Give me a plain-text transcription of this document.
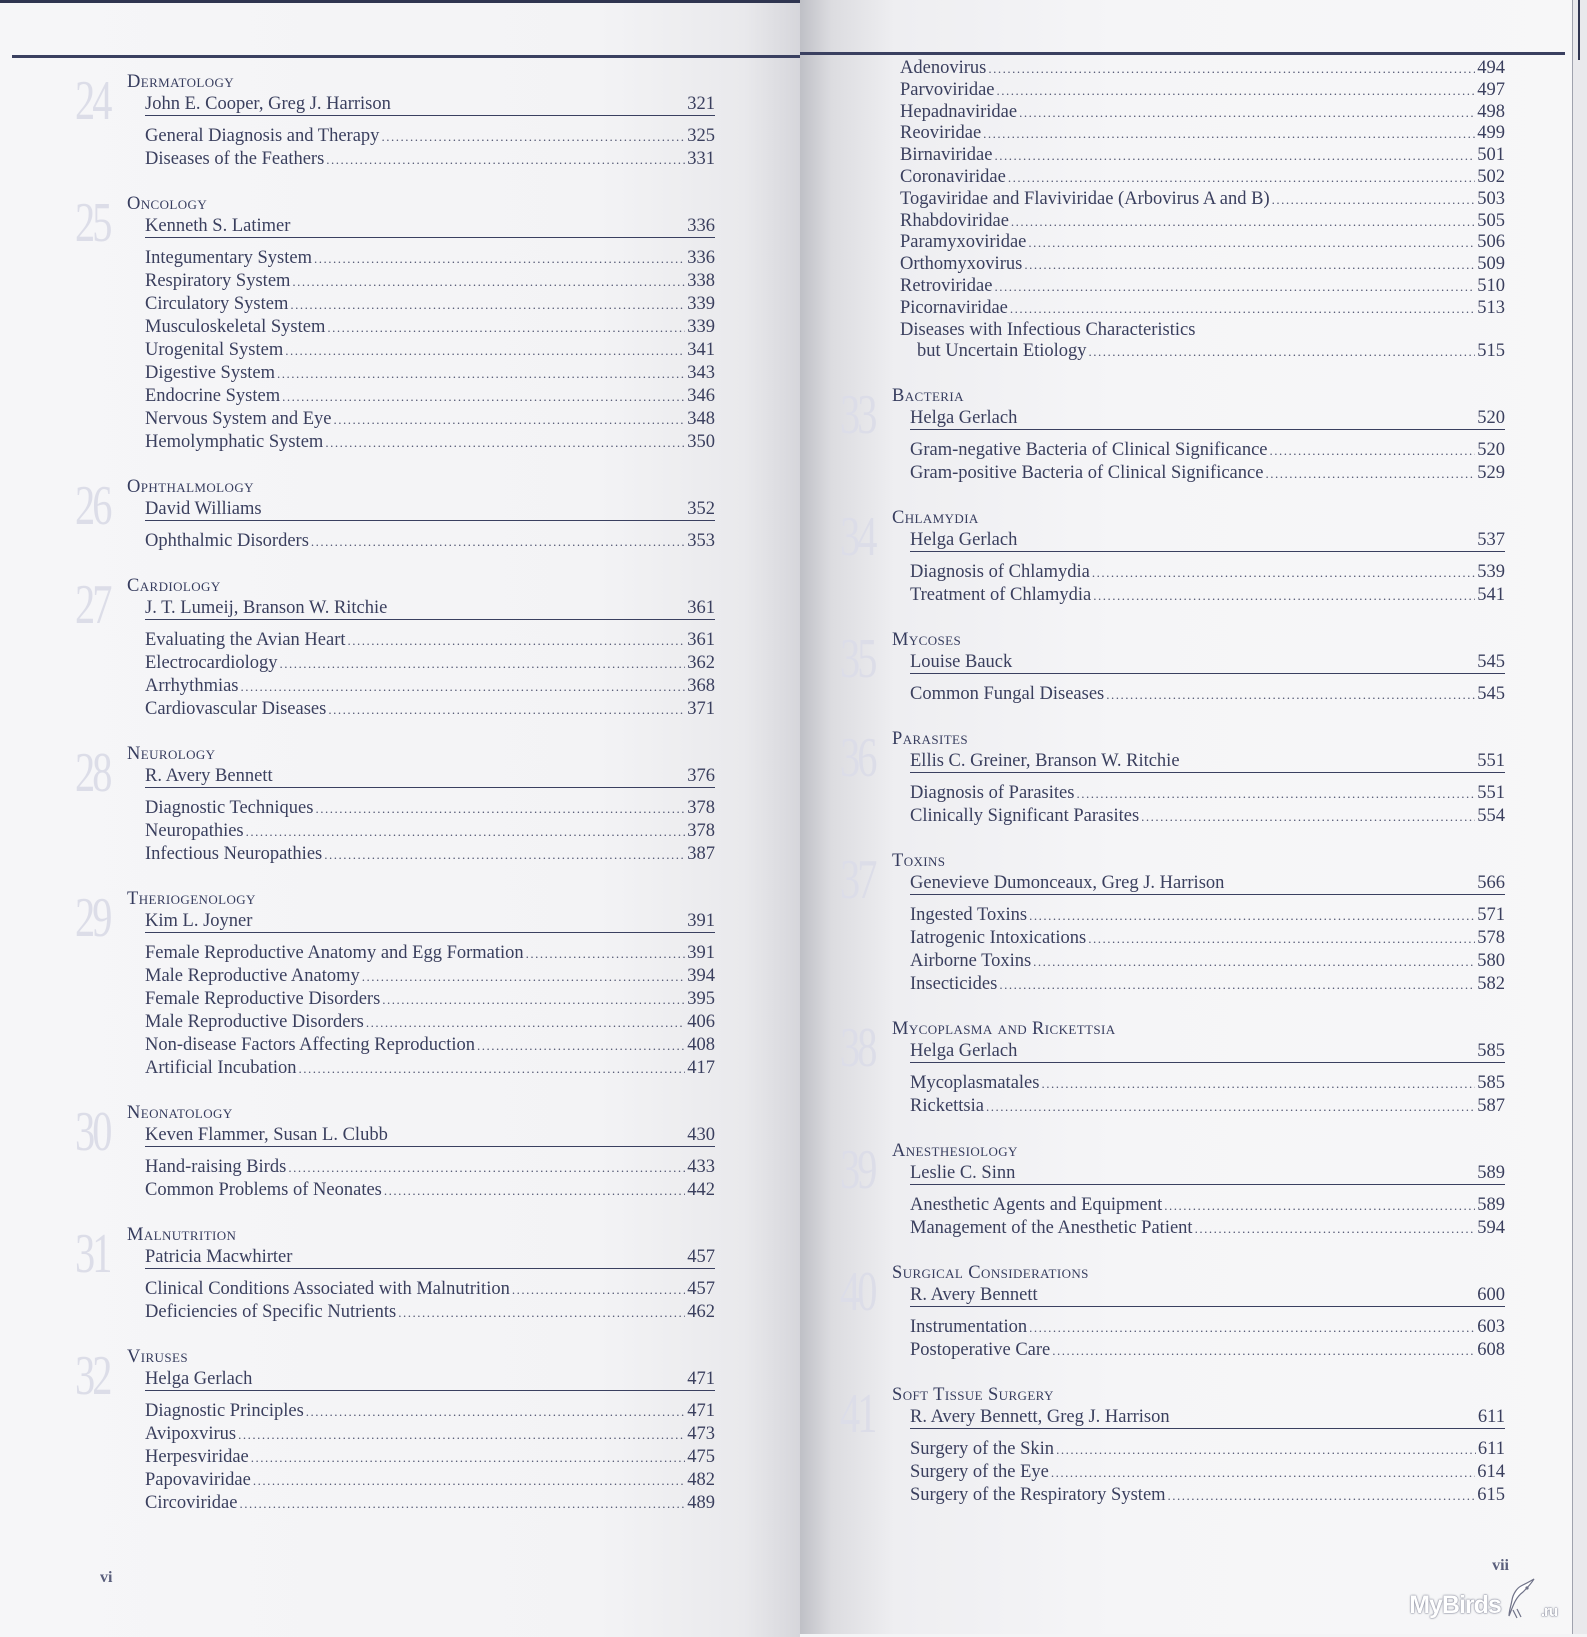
24 Dermatology
John E. Cooper, Greg J. Harrison	321
General Diagnosis and Therapy .....	325
Diseases of the Feathers .....	331
25 Oncology
Kenneth S. Latimer	336
Integumentary System .....	336
Respiratory System .....	338
Circulatory System .....	339
Musculoskeletal System .....	339
Urogenital System .....	341
Digestive System .....	343
Endocrine System .....	346
Nervous System and Eye .....	348
Hemolymphatic System .....	350
26 Ophthalmology
David Williams	352
Ophthalmic Disorders .....	353
27 Cardiology
J. T. Lumeij, Branson W. Ritchie	361
Evaluating the Avian Heart .....	361
Electrocardiology .....	362
Arrhythmias .....	368
Cardiovascular Diseases .....	371
28 Neurology
R. Avery Bennett	376
Diagnostic Techniques .....	378
Neuropathies .....	378
Infectious Neuropathies .....	387
29 Theriogenology
Kim L. Joyner	391
Female Reproductive Anatomy and Egg Formation .....	391
Male Reproductive Anatomy .....	394
Female Reproductive Disorders .....	395
Male Reproductive Disorders .....	406
Non-disease Factors Affecting Reproduction .....	408
Artificial Incubation .....	417
30 Neonatology
Keven Flammer, Susan L. Clubb	430
Hand-raising Birds .....	433
Common Problems of Neonates .....	442
31 Malnutrition
Patricia Macwhirter	457
Clinical Conditions Associated with Malnutrition .....	457
Deficiencies of Specific Nutrients .....	462
32 Viruses
Helga Gerlach	471
Diagnostic Principles .....	471
Avipoxvirus .....	473
Herpesviridae .....	475
Papovaviridae .....	482
Circoviridae .....	489
vi
Adenovirus .....	494
Parvoviridae .....	497
Hepadnaviridae .....	498
Reoviridae .....	499
Birnaviridae .....	501
Coronaviridae .....	502
Togaviridae and Flaviviridae (Arbovirus A and B) .....	503
Rhabdoviridae .....	505
Paramyxoviridae .....	506
Orthomyxovirus .....	509
Retroviridae .....	510
Picornaviridae .....	513
Diseases with Infectious Characteristics
but Uncertain Etiology .....	515
33 Bacteria
Helga Gerlach	520
Gram-negative Bacteria of Clinical Significance .....	520
Gram-positive Bacteria of Clinical Significance .....	529
34 Chlamydia
Helga Gerlach	537
Diagnosis of Chlamydia .....	539
Treatment of Chlamydia .....	541
35 Mycoses
Louise Bauck	545
Common Fungal Diseases .....	545
36 Parasites
Ellis C. Greiner, Branson W. Ritchie	551
Diagnosis of Parasites .....	551
Clinically Significant Parasites .....	554
37 Toxins
Genevieve Dumonceaux, Greg J. Harrison	566
Ingested Toxins .....	571
Iatrogenic Intoxications .....	578
Airborne Toxins .....	580
Insecticides .....	582
38 Mycoplasma and Rickettsia
Helga Gerlach	585
Mycoplasmatales .....	585
Rickettsia .....	587
39 Anesthesiology
Leslie C. Sinn	589
Anesthetic Agents and Equipment .....	589
Management of the Anesthetic Patient .....	594
40 Surgical Considerations
R. Avery Bennett	600
Instrumentation .....	603
Postoperative Care .....	608
41 Soft Tissue Surgery
R. Avery Bennett, Greg J. Harrison	611
Surgery of the Skin .....	611
Surgery of the Eye .....	614
Surgery of the Respiratory System .....	615
vii
MyBirds	.ru
